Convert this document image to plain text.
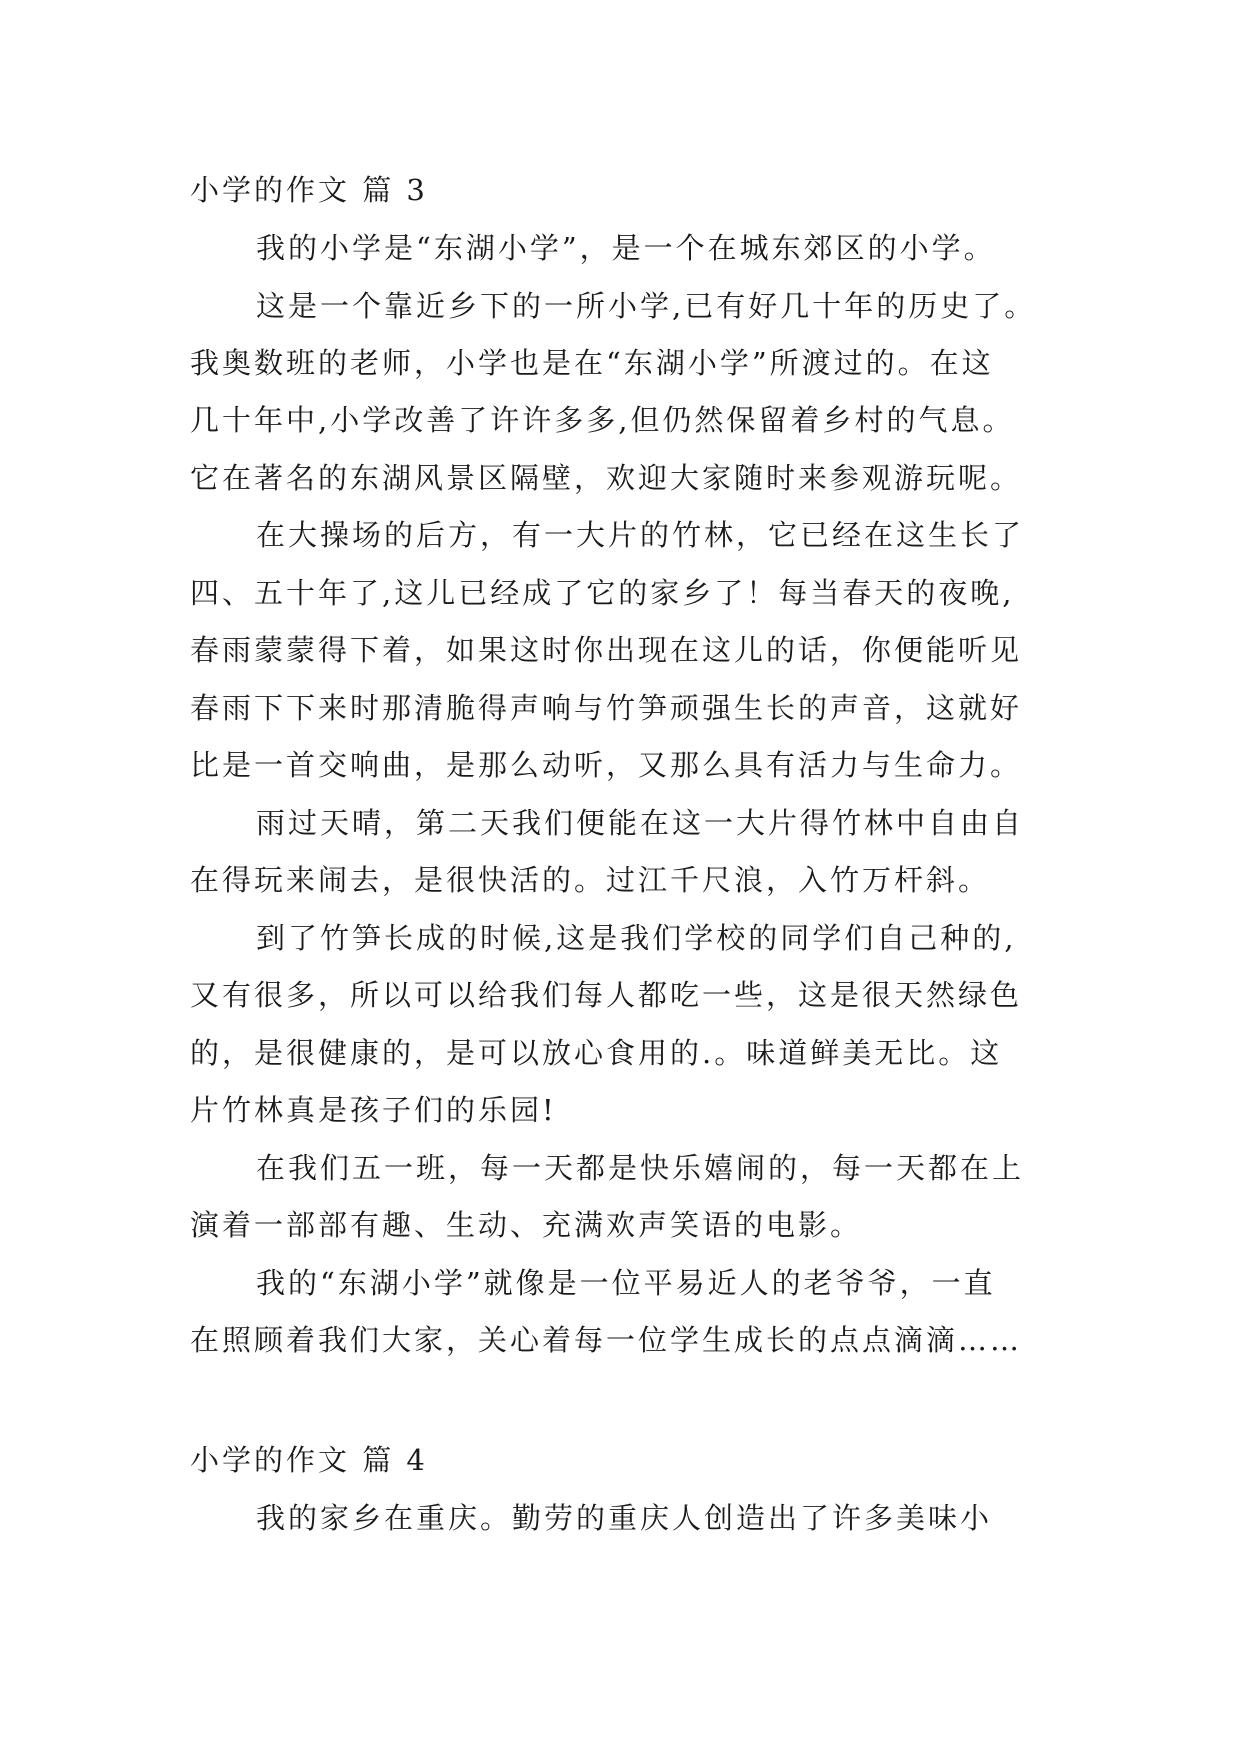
小学的作文 篇 3
我的小学是“东湖小学”，是一个在城东郊区的小学。
这是一个靠近乡下的一所小学,已有好几十年的历史了。
我奥数班的老师，小学也是在“东湖小学”所渡过的。在这
几十年中,小学改善了许许多多,但仍然保留着乡村的气息。
它在著名的东湖风景区隔壁，欢迎大家随时来参观游玩呢。
在大操场的后方，有一大片的竹林，它已经在这生长了
四、五十年了,这儿已经成了它的家乡了！每当春天的夜晚,
春雨蒙蒙得下着，如果这时你出现在这儿的话，你便能听见
春雨下下来时那清脆得声响与竹笋顽强生长的声音，这就好
比是一首交响曲，是那么动听，又那么具有活力与生命力。
雨过天晴，第二天我们便能在这一大片得竹林中自由自
在得玩来闹去，是很快活的。过江千尺浪，入竹万杆斜。
到了竹笋长成的时候,这是我们学校的同学们自己种的,
又有很多，所以可以给我们每人都吃一些，这是很天然绿色
的，是很健康的，是可以放心食用的.。味道鲜美无比。这
片竹林真是孩子们的乐园!
在我们五一班，每一天都是快乐嬉闹的，每一天都在上
演着一部部有趣、生动、充满欢声笑语的电影。
我的“东湖小学”就像是一位平易近人的老爷爷，一直
在照顾着我们大家，关心着每一位学生成长的点点滴滴……
小学的作文 篇 4
我的家乡在重庆。勤劳的重庆人创造出了许多美味小
